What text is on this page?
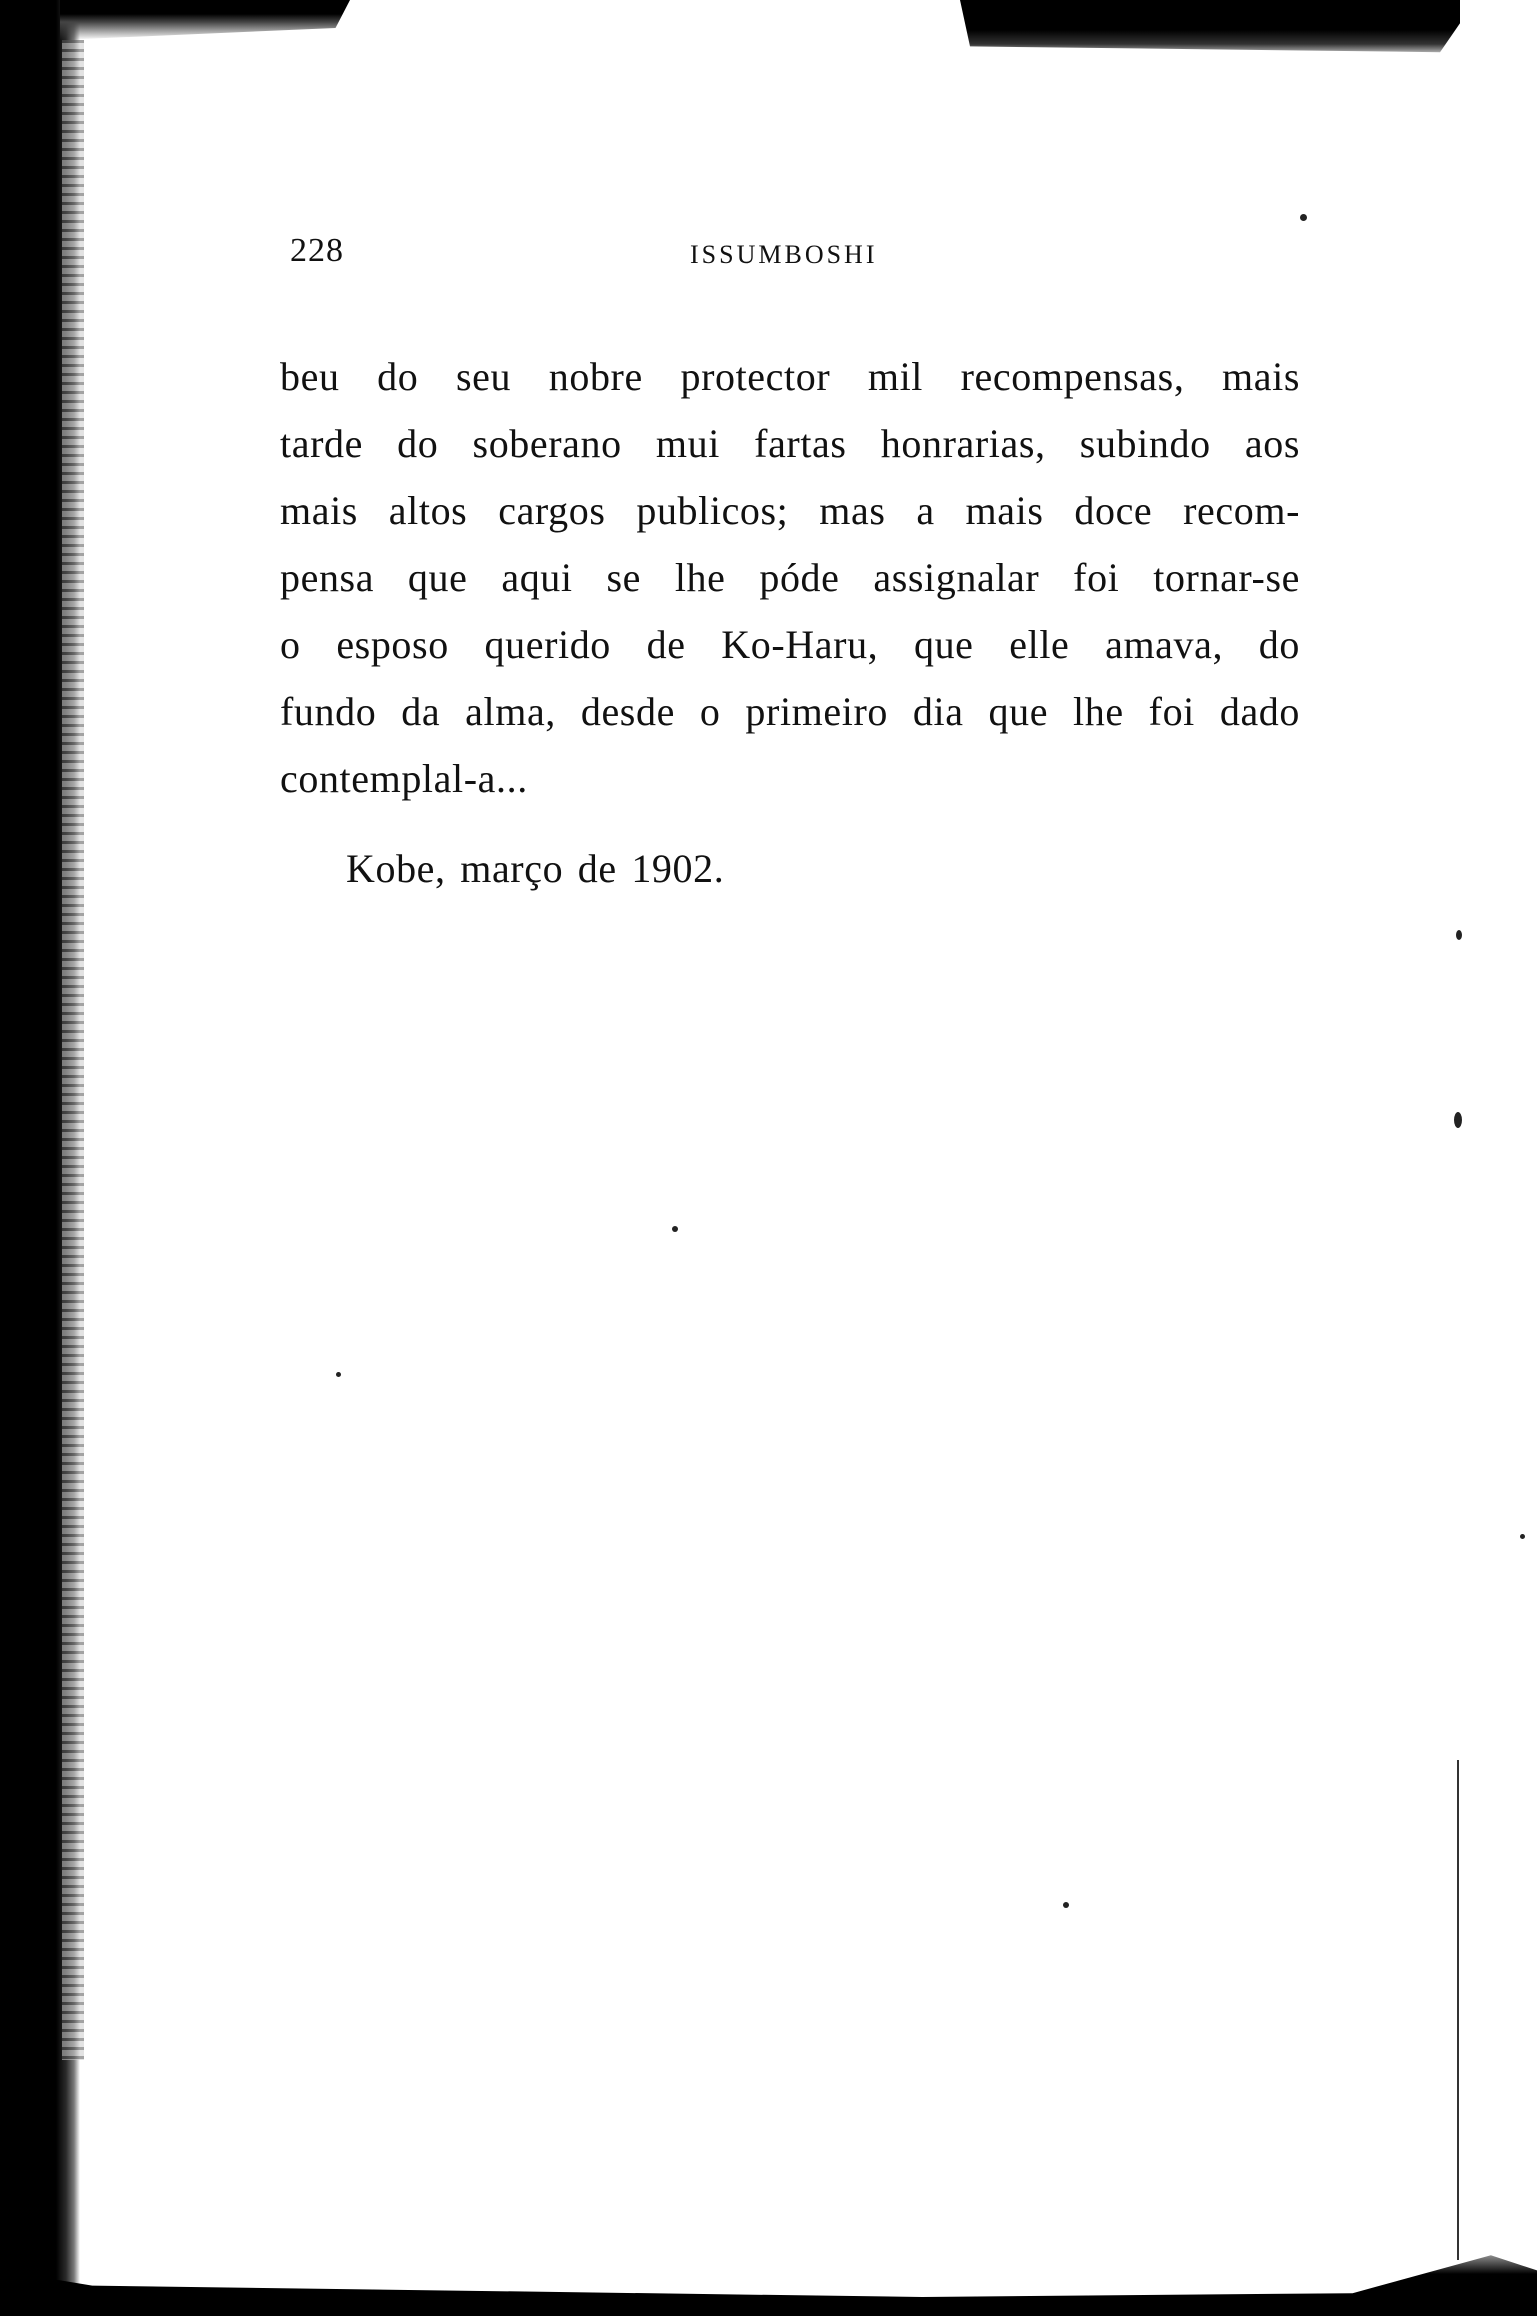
228	ISSUMBOSHI
beu do seu nobre protector mil recompensas, mais
tarde do soberano mui fartas honrarias, subindo aos
mais altos cargos publicos; mas a mais doce recom-
pensa que aqui se lhe póde assignalar foi tornar-se
o esposo querido de Ko-Haru, que elle amava, do
fundo da alma, desde o primeiro dia que lhe foi dado
contemplal-a...
Kobe, março de 1902.
